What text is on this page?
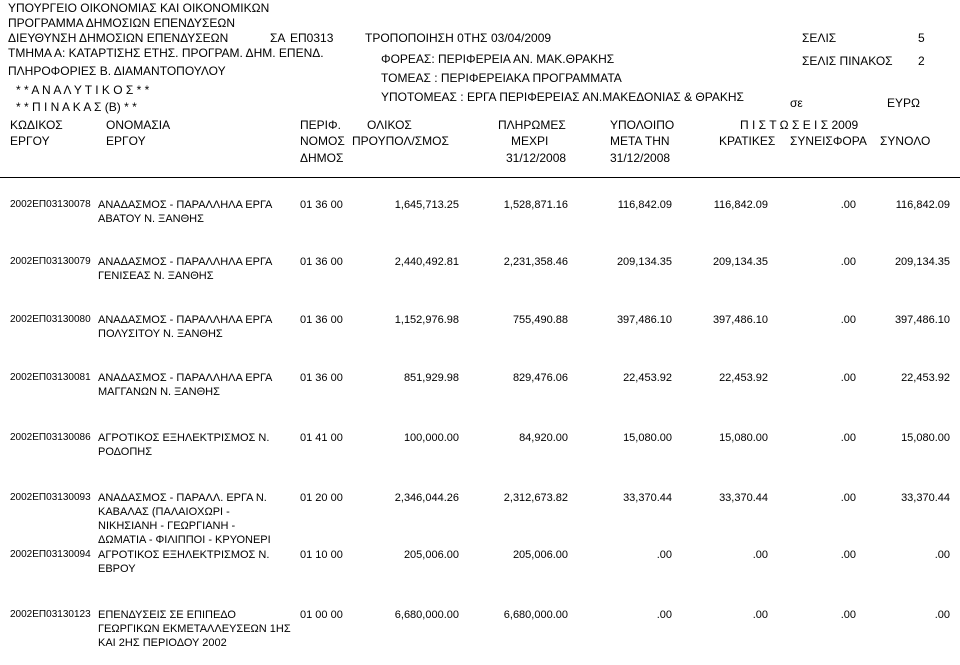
ΥΠΟΥΡΓΕΙΟ ΟΙΚΟΝΟΜΙΑΣ ΚΑΙ ΟΙΚΟΝΟΜΙΚΩΝ
ΠΡΟΓΡΑΜΜΑ ΔΗΜΟΣΙΩΝ ΕΠΕΝΔΥΣΕΩΝ
ΔΙΕΥΘΥΝΣΗ ΔΗΜΟΣΙΩΝ ΕΠΕΝΔΥΣΕΩΝ
ΤΜΗΜΑ Α: ΚΑΤΑΡΤΙΣΗΣ ΕΤΗΣ. ΠΡΟΓΡΑΜ. ΔΗΜ. ΕΠΕΝΔ.
ΠΛΗΡΟΦΟΡΙΕΣ Β. ΔΙΑΜΑΝΤΟΠΟΥΛΟΥ
* * Α Ν Α Λ Υ Τ Ι Κ Ο Σ * *
* * Π Ι Ν Α Κ Α Σ (Β) * *
ΣΑ ΕΠ0313	ΤΡΟΠΟΠΟΙΗΣΗ 0 ΤΗΣ 03/04/2009
ΦΟΡΕΑΣ: ΠΕΡΙΦΕΡΕΙΑ ΑΝ. ΜΑΚ.ΘΡΑΚΗΣ
ΤΟΜΕΑΣ : ΠΕΡΙΦΕΡΕΙΑΚΑ ΠΡΟΓΡΑΜΜΑΤΑ
ΥΠΟΤΟΜΕΑΣ : ΕΡΓΑ ΠΕΡΙΦΕΡΕΙΑΣ ΑΝ.ΜΑΚΕΔΟΝΙΑΣ & ΘΡΑΚΗΣ
ΣΕΛΙΣ	5
ΣΕΛΙΣ ΠΙΝΑΚΟΣ 2
σε	ΕΥΡΩ
ΚΩΔΙΚΟΣ
ΕΡΓΟΥ
ΟΝΟΜΑΣΙΑ
ΕΡΓΟΥ
ΠΕΡΙΦ.
ΝΟΜΟΣ
ΔΗΜΟΣ
ΟΛΙΚΟΣ
ΠΡΟΥΠΟΛ/ΣΜΟΣ
ΠΛΗΡΩΜΕΣ
ΜΕΧΡΙ
31/12/2008
ΥΠΟΛΟΙΠΟ
ΜΕΤΑ ΤΗΝ
31/12/2008
Π Ι Σ Τ Ω Σ Ε Ι Σ 2009
ΚΡΑΤΙΚΕΣ ΣΥΝΕΙΣΦΟΡΑ ΣΥΝΟΛΟ
2002ΕΠ03130078 ΑΝΑΔΑΣΜΟΣ - ΠΑΡΑΛΛΗΛΑ ΕΡΓΑ
ΑΒΑΤΟΥ Ν. ΞΑΝΘΗΣ
01 36 00	1,645,713.25	1,528,871.16	116,842.09	116,842.09	.00	116,842.09
2002ΕΠ03130079 ΑΝΑΔΑΣΜΟΣ - ΠΑΡΑΛΛΗΛΑ ΕΡΓΑ
ΓΕΝΙΣΕΑΣ Ν. ΞΑΝΘΗΣ
01 36 00	2,440,492.81	2,231,358.46	209,134.35	209,134.35	.00	209,134.35
2002ΕΠ03130080 ΑΝΑΔΑΣΜΟΣ - ΠΑΡΑΛΛΗΛΑ ΕΡΓΑ
ΠΟΛΥΣΙΤΟΥ Ν. ΞΑΝΘΗΣ
01 36 00	1,152,976.98	755,490.88	397,486.10	397,486.10	.00	397,486.10
2002ΕΠ03130081 ΑΝΑΔΑΣΜΟΣ - ΠΑΡΑΛΛΗΛΑ ΕΡΓΑ
ΜΑΓΓΑΝΩΝ Ν. ΞΑΝΘΗΣ
01 36 00	851,929.98	829,476.06	22,453.92	22,453.92	.00	22,453.92
2002ΕΠ03130086 ΑΓΡΟΤΙΚΟΣ ΕΞΗΛΕΚΤΡΙΣΜΟΣ Ν.
ΡΟΔΟΠΗΣ
01 41 00	100,000.00	84,920.00	15,080.00	15,080.00	.00	15,080.00
2002ΕΠ03130093 ΑΝΑΔΑΣΜΟΣ - ΠΑΡΑΛΛ. ΕΡΓΑ Ν.
ΚΑΒΑΛΑΣ (ΠΑΛΑΙΟΧΩΡΙ -
ΝΙΚΗΣΙΑΝΗ - ΓΕΩΡΓΙΑΝΗ -
ΔΩΜΑΤΙΑ - ΦΙΛΙΠΠΟΙ - ΚΡΥΟΝΕΡΙ
01 20 00	2,346,044.26	2,312,673.82	33,370.44	33,370.44	.00	33,370.44
2002ΕΠ03130094 ΑΓΡΟΤΙΚΟΣ ΕΞΗΛΕΚΤΡΙΣΜΟΣ Ν.
ΕΒΡΟΥ
01 10 00	205,006.00	205,006.00	.00	.00	.00	.00
2002ΕΠ03130123 ΕΠΕΝΔΥΣΕΙΣ ΣΕ ΕΠΙΠΕΔΟ
ΓΕΩΡΓΙΚΩΝ ΕΚΜΕΤΑΛΛΕΥΣΕΩΝ 1ΗΣ
ΚΑΙ 2ΗΣ ΠΕΡΙΟΔΟΥ 2002
01 00 00	6,680,000.00	6,680,000.00	.00	.00	.00	.00
